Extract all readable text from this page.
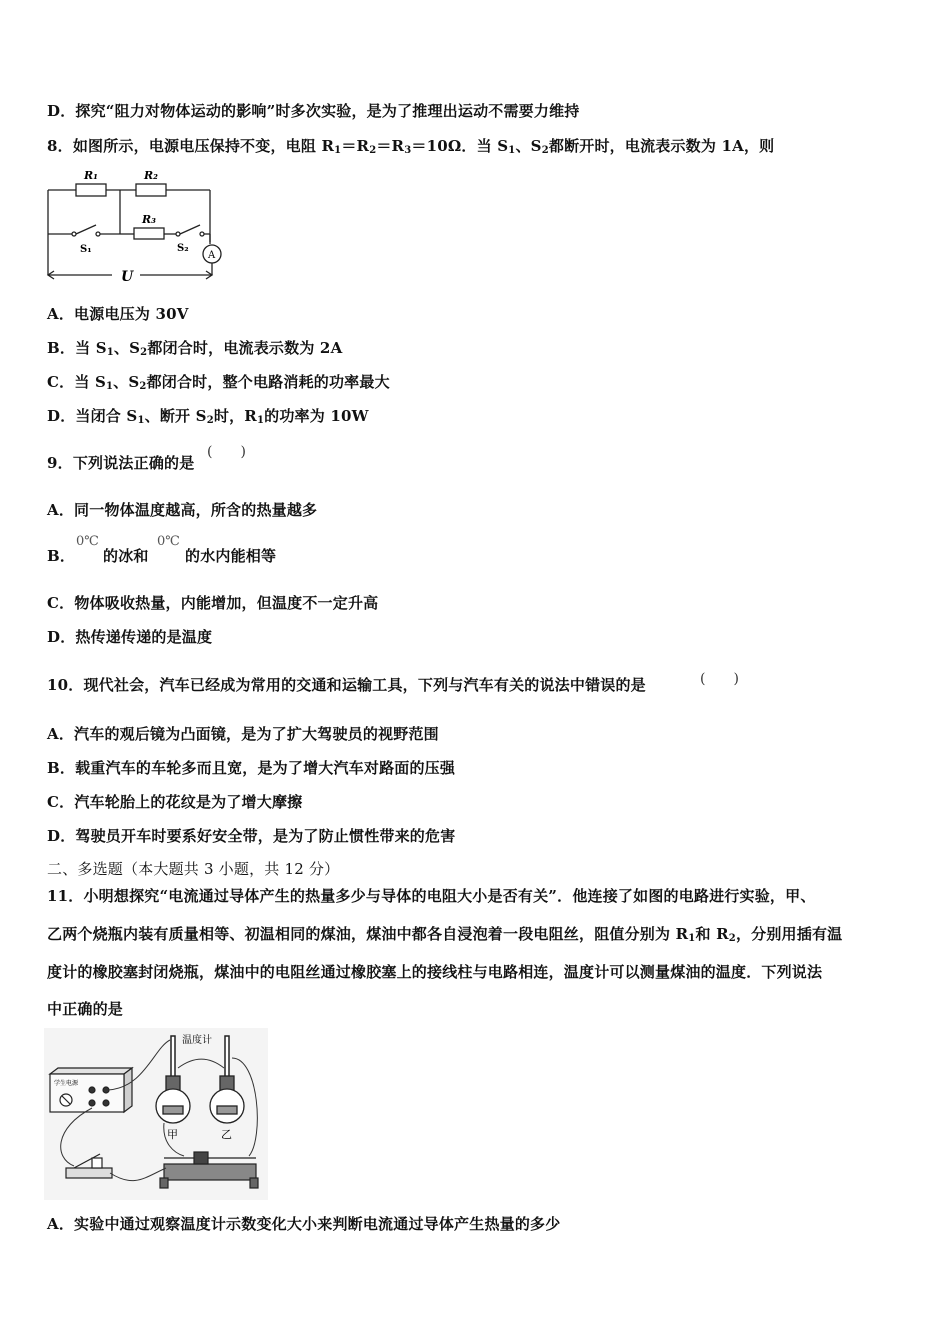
D．探究“阻力对物体运动的影响”时多次实验，是为了推理出运动不需要力维持
8．如图所示，电源电压保持不变，电阻 $R_1=R_2=R_3=10\Omega$．当 $S_1$、$S_2$都断开时，电流表示数为 1A，则
R₁	R₂
R₃
S₁	S₂
A
U
A．电源电压为 30V
B．当 $S_1$、$S_2$都闭合时，电流表示数为 2A
C．当 $S_1$、$S_2$都闭合时，整个电路消耗的功率最大
D．当闭合 $S_1$、断开 $S_2$时，$R_1$的功率为 10W
9．下列说法正确的是
(　　)
A．同一物体温度越高，所含的热量越多
B．
0℃
的冰和
0℃
的水内能相等
C．物体吸收热量，内能增加，但温度不一定升高
D．热传递传递的是温度
10．现代社会，汽车已经成为常用的交通和运输工具，下列与汽车有关的说法中错误的是	(　　)
A．汽车的观后镜为凸面镜，是为了扩大驾驶员的视野范围
B．载重汽车的车轮多而且宽，是为了增大汽车对路面的压强
C．汽车轮胎上的花纹是为了增大摩擦
D．驾驶员开车时要系好安全带，是为了防止惯性带来的危害
二、多选题（本大题共 3 小题，共 12 分）
11．小明想探究“电流通过导体产生的热量多少与导体的电阻大小是否有关”．他连接了如图的电路进行实验，甲、
乙两个烧瓶内装有质量相等、初温相同的煤油，煤油中都各自浸泡着一段电阻丝，阻值分别为 $R_1$和 $R_2$，分别用插有温
度计的橡胶塞封闭烧瓶，煤油中的电阻丝通过橡胶塞上的接线柱与电路相连，温度计可以测量煤油的温度．下列说法
中正确的是
学生电源
温度计
甲	乙
A．实验中通过观察温度计示数变化大小来判断电流通过导体产生热量的多少
